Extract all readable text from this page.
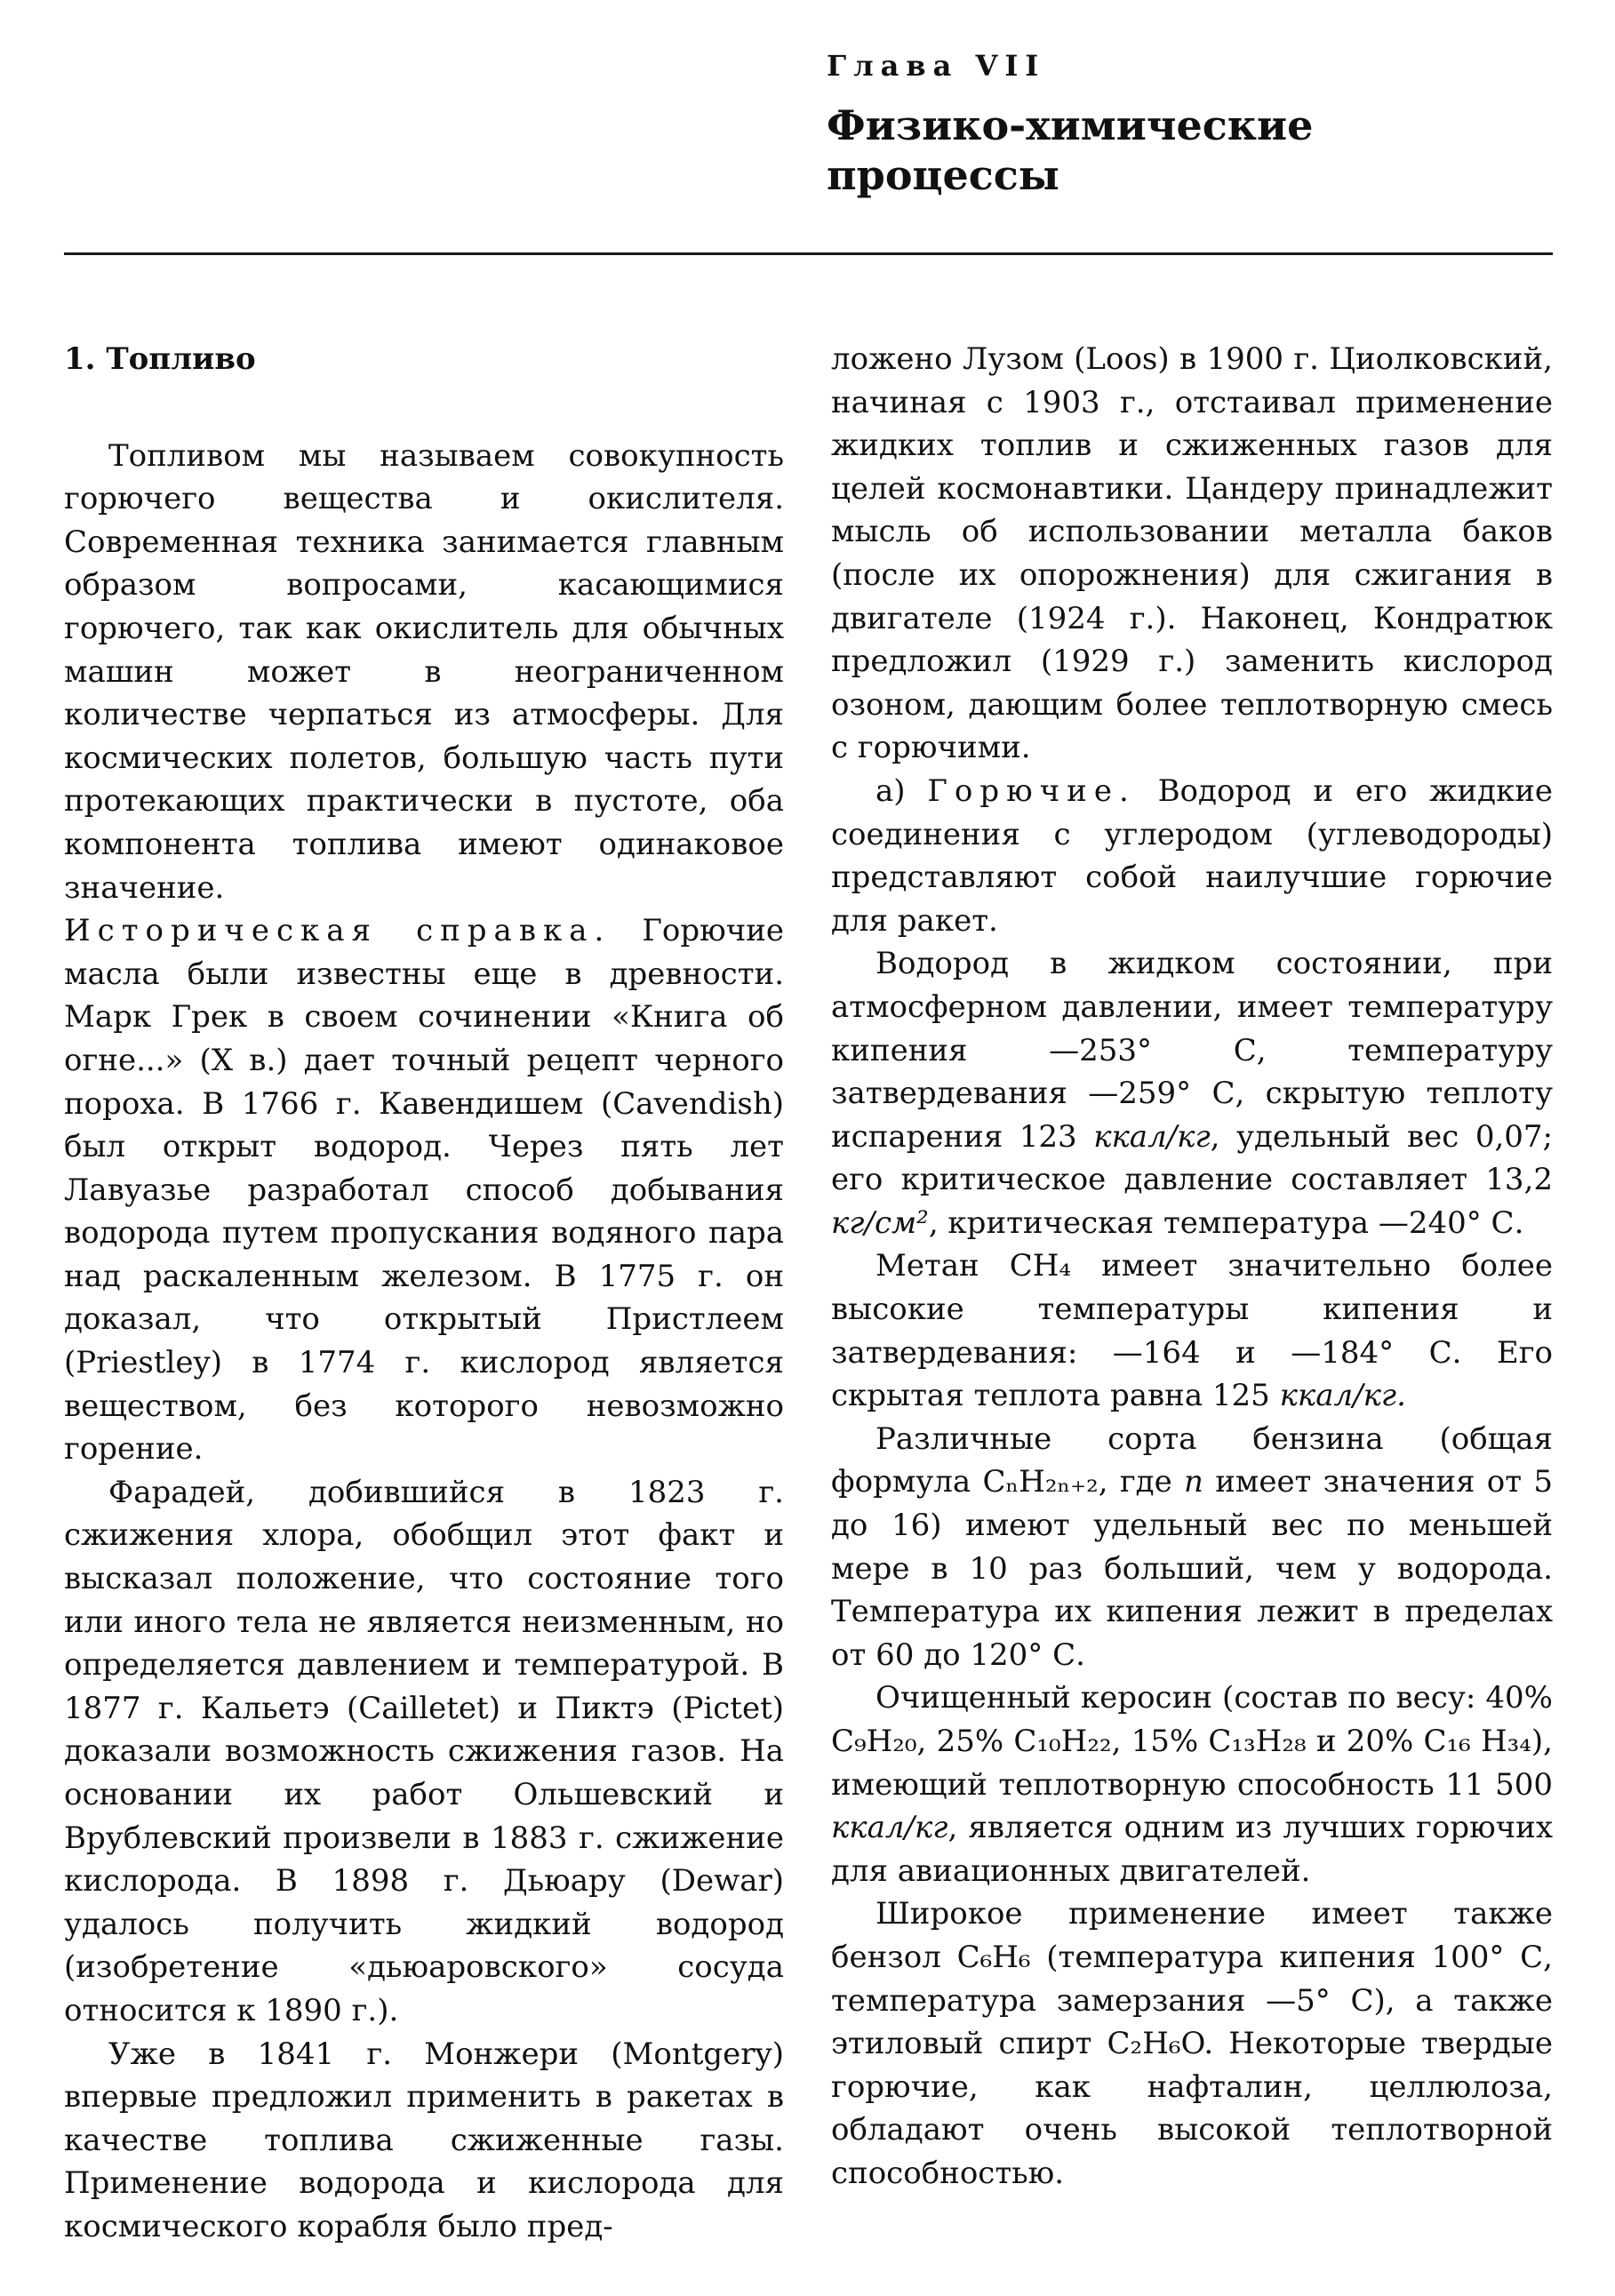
Глава VII
Физико-химические процессы
1. Топливо

Топливом мы называем совокупность горючего вещества и окислителя. Современная техника занимается главным образом вопросами, касающимися горючего, так как окислитель для обычных машин может в неограниченном количестве черпаться из атмосферы. Для космических полетов, большую часть пути протекающих практически в пустоте, оба компонента топлива имеют одинаковое значение.

Историческая справка. Горючие масла были известны еще в древности. Марк Грек в своем сочинении «Книга об огне...» (X в.) дает точный рецепт черного пороха. В 1766 г. Кавендишем (Cavendish) был открыт водород. Через пять лет Лавуазье разработал способ добывания водорода путем пропускания водяного пара над раскаленным железом. В 1775 г. он доказал, что открытый Пристлеем (Priestley) в 1774 г. кислород является веществом, без которого невозможно горение.

Фарадей, добившийся в 1823 г. сжижения хлора, обобщил этот факт и высказал положение, что состояние того или иного тела не является неизменным, но определяется давлением и температурой. В 1877 г. Кальетэ (Cailletet) и Пиктэ (Pictet) доказали возможность сжижения газов. На основании их работ Ольшевский и Врублевский произвели в 1883 г. сжижение кислорода. В 1898 г. Дьюару (Dewar) удалось получить жидкий водород (изобретение «дьюаровского» сосуда относится к 1890 г.).

Уже в 1841 г. Монжери (Montgery) впервые предложил применить в ракетах в качестве топлива сжиженные газы. Применение водорода и кислорода для космического корабля было пред-

ложено Лузом (Loos) в 1900 г. Циолковский, начиная с 1903 г., отстаивал применение жидких топлив и сжиженных газов для целей космонавтики. Цандеру принадлежит мысль об использовании металла баков (после их опорожнения) для сжигания в двигателе (1924 г.). Наконец, Кондратюк предложил (1929 г.) заменить кислород озоном, дающим более теплотворную смесь с горючими.

а) Горючие. Водород и его жидкие соединения с углеродом (углеводороды) представляют собой наилучшие горючие для ракет.

Водород в жидком состоянии, при атмосферном давлении, имеет температуру кипения —253° С, температуру затвердевания —259° С, скрытую теплоту испарения 123 ккал/кг, удельный вес 0,07; его критическое давление составляет 13,2 кг/см², критическая температура —240° С.

Метан CH₄ имеет значительно более высокие температуры кипения и затвердевания: —164 и —184° С. Его скрытая теплота равна 125 ккал/кг.

Различные сорта бензина (общая формула CₙH₂ₙ₊₂, где n имеет значения от 5 до 16) имеют удельный вес по меньшей мере в 10 раз больший, чем у водорода. Температура их кипения лежит в пределах от 60 до 120° С.

Очищенный керосин (состав по весу: 40% C₉H₂₀, 25% C₁₀H₂₂, 15% C₁₃H₂₈ и 20% C₁₆ H₃₄), имеющий теплотворную способность 11 500 ккал/кг, является одним из лучших горючих для авиационных двигателей.

Широкое применение имеет также бензол C₆H₆ (температура кипения 100° С, температура замерзания —5° С), а также этиловый спирт C₂H₆O. Некоторые твердые горючие, как нафталин, целлюлоза, обладают очень высокой теплотворной способностью.
